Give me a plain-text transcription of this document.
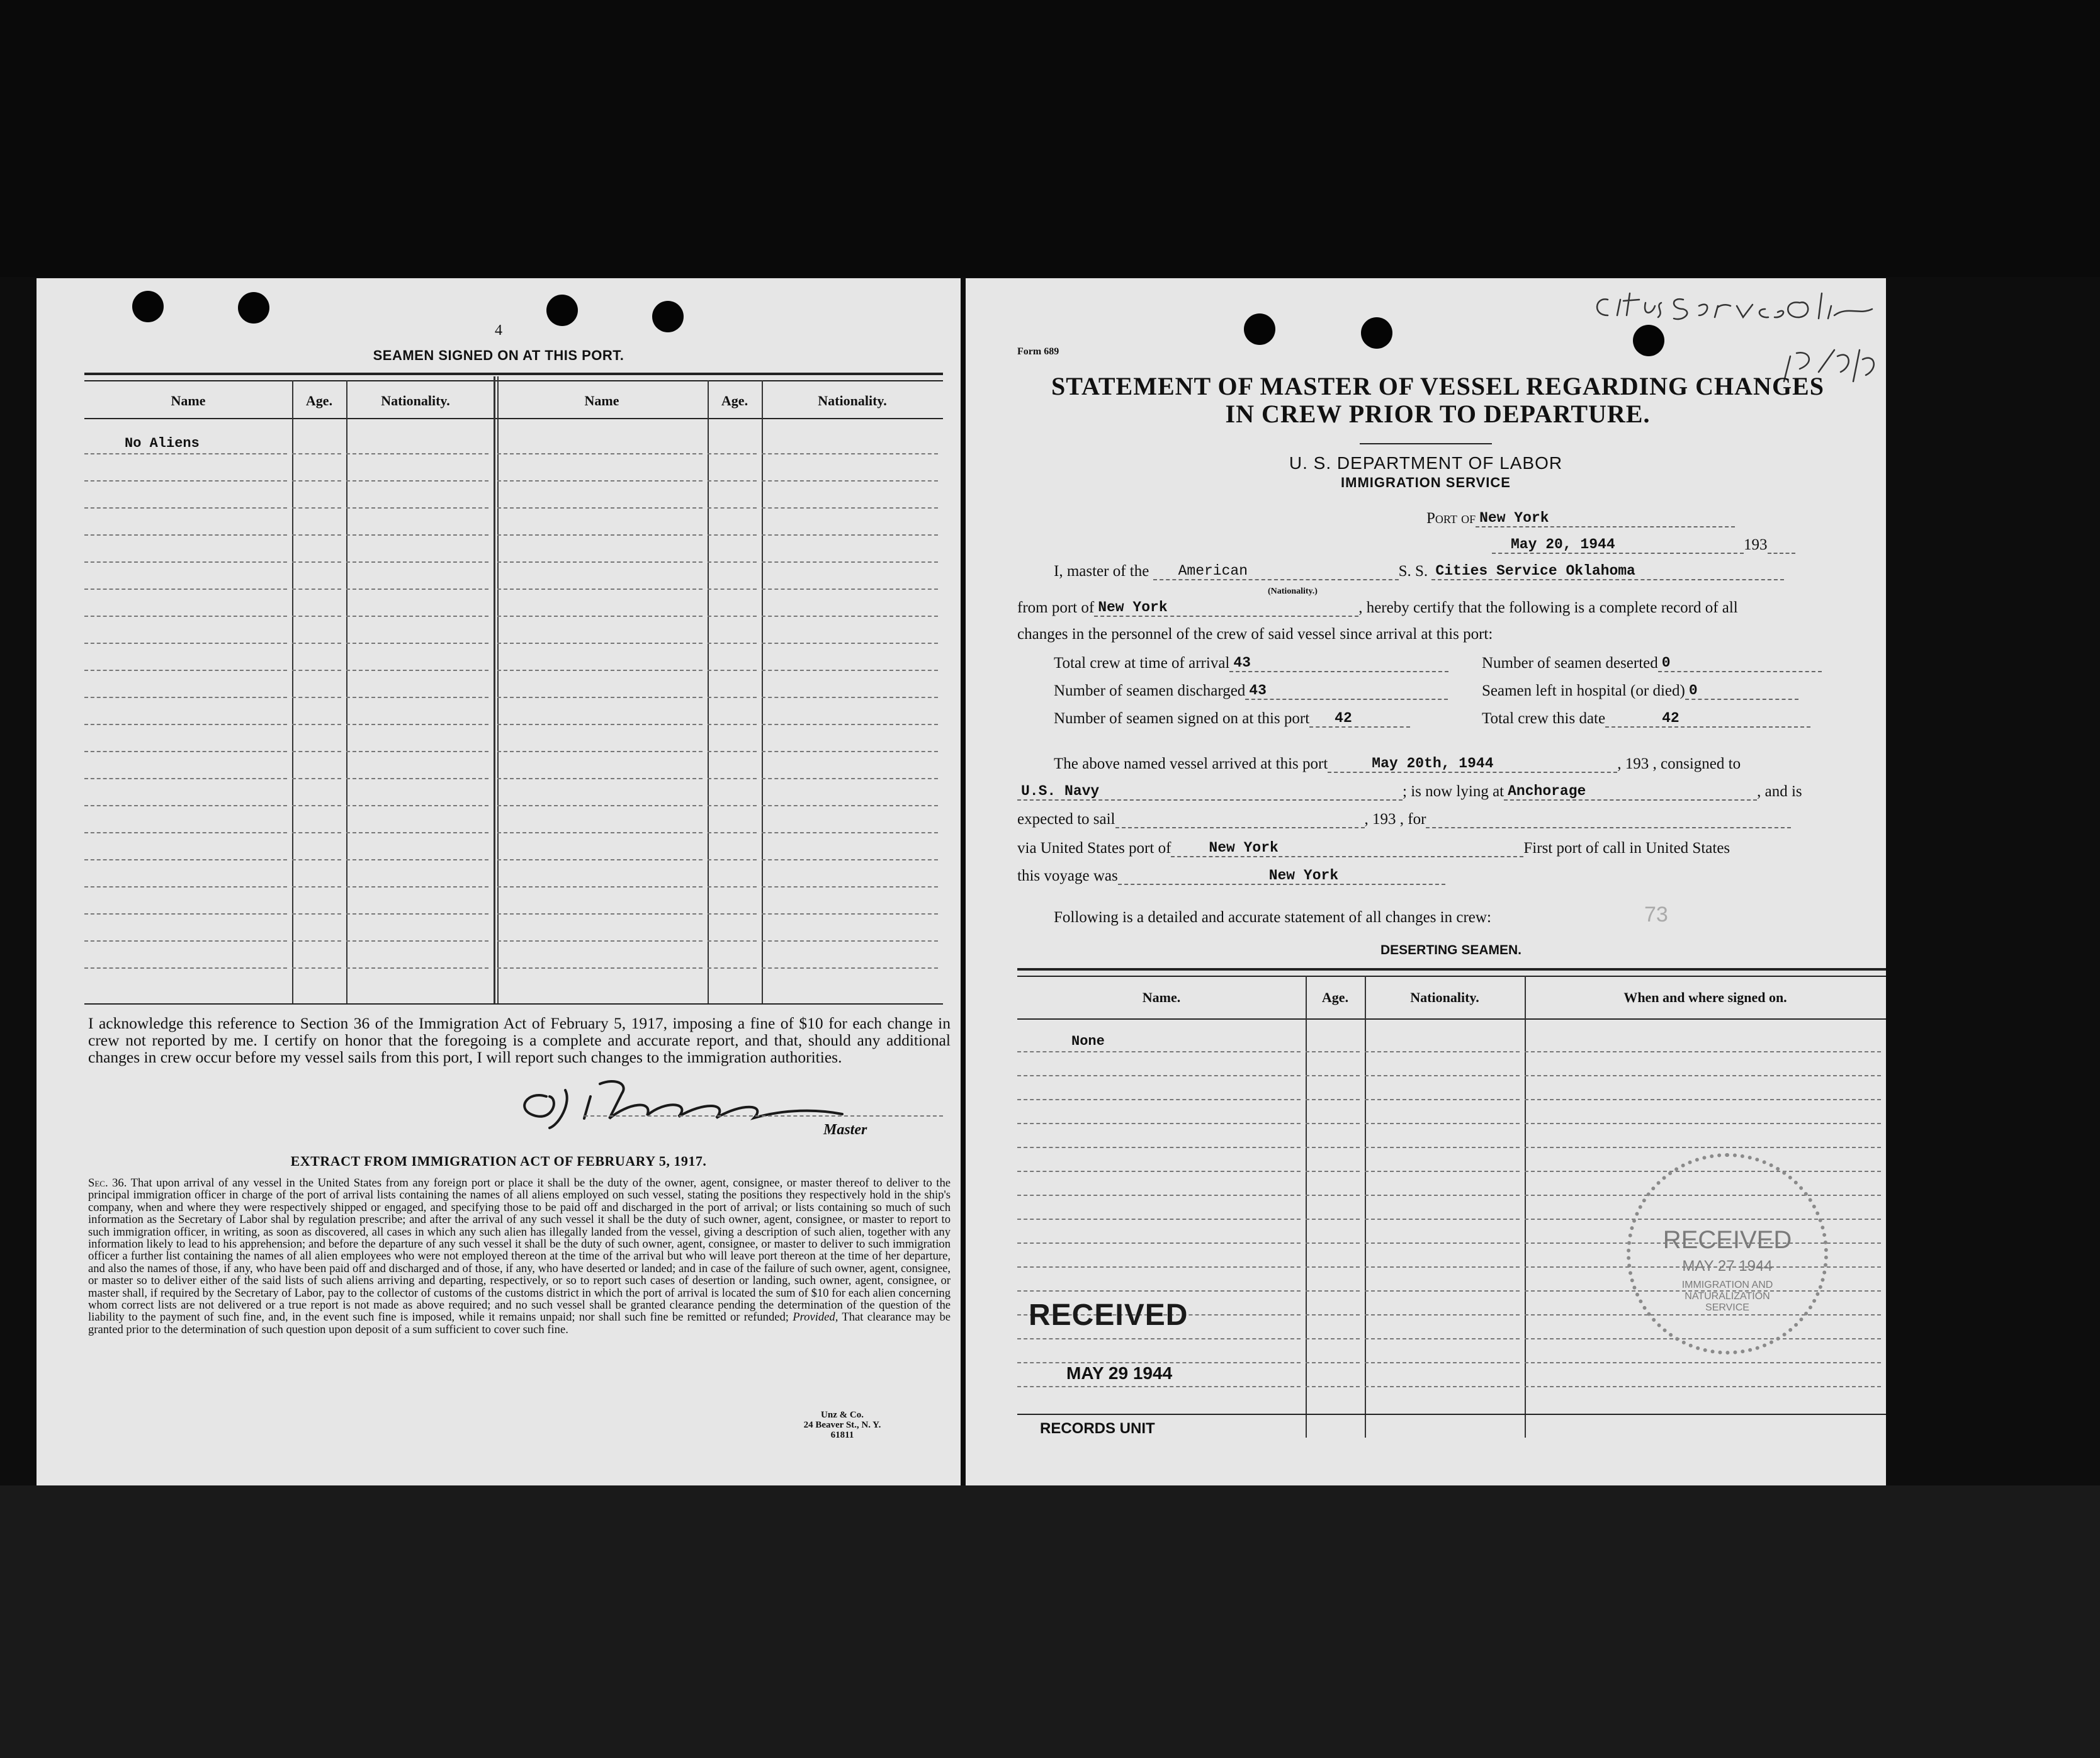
4
SEAMEN SIGNED ON AT THIS PORT.
Name	Age.	Nationality.	Name	Age.	Nationality.
No Aliens
I acknowledge this reference to Section 36 of the Immigration Act of February 5, 1917, imposing a fine of $10 for each change in crew not reported by me. I certify on honor that the foregoing is a complete and accurate report, and that, should any additional changes in crew occur before my vessel sails from this port, I will report such changes to the immigration authorities.
Master
EXTRACT FROM IMMIGRATION ACT OF FEBRUARY 5, 1917.
Sec. 36. That upon arrival of any vessel in the United States from any foreign port or place it shall be the duty of the owner, agent, consignee, or master thereof to deliver to the principal immigration officer in charge of the port of arrival lists containing the names of all aliens employed on such vessel, stating the positions they respectively hold in the ship's company, when and where they were respectively shipped or engaged, and specifying those to be paid off and discharged in the port of arrival; or lists containing so much of such information as the Secretary of Labor shal by regulation prescribe; and after the arrival of any such vessel it shall be the duty of such owner, agent, consignee, or master to report to such immigration officer, in writing, as soon as discovered, all cases in which any such alien has illegally landed from the vessel, giving a description of such alien, together with any information likely to lead to his apprehension; and before the departure of any such vessel it shall be the duty of such owner, agent, consignee, or master to deliver to such immigration officer a further list containing the names of all alien employees who were not employed thereon at the time of the arrival but who will leave port thereon at the time of her departure, and also the names of those, if any, who have been paid off and discharged and of those, if any, who have deserted or landed; and in case of the failure of such owner, agent, consignee, or master so to deliver either of the said lists of such aliens arriving and departing, respectively, or so to report such cases of desertion or landing, such owner, agent, consignee, or master shall, if required by the Secretary of Labor, pay to the collector of customs of the customs district in which the port of arrival is located the sum of $10 for each alien concerning whom correct lists are not delivered or a true report is not made as above required; and no such vessel shall be granted clearance pending the determination of the question of the liability to the payment of such fine, and, in the event such fine is imposed, while it remains unpaid; nor shall such fine be remitted or refunded; Provided, That clearance may be granted prior to the determination of such question upon deposit of a sum sufficient to cover such fine.
Unz & Co.
24 Beaver St., N. Y.
61811
Form 689
STATEMENT OF MASTER OF VESSEL REGARDING CHANGES
IN CREW PRIOR TO DEPARTURE.
U. S. DEPARTMENT OF LABOR
IMMIGRATION SERVICE
Port of New York
May 20, 1944	193
I, master of the American	S. S. Cities Service Oklahoma
(Nationality.)
from port of New York	, hereby certify that the following is a complete record of all
changes in the personnel of the crew of said vessel since arrival at this port:
Total crew at time of arrival 43	Number of seamen deserted 0
Number of seamen discharged 43	Seamen left in hospital (or died) 0
Number of seamen signed on at this port 42	Total crew this date	42
The above named vessel arrived at this port	May 20th, 1944	, 193 , consigned to
U.S. Navy	; is now lying at Anchorage	, and is
expected to sail	, 193 , for
via United States port of	New York	First port of call in United States
this voyage was	New York
Following is a detailed and accurate statement of all changes in crew:	73
DESERTING SEAMEN.
Name.	Age.	Nationality.	When and where signed on.
None
RECEIVED
MAY 29 1944
RECORDS UNIT
RECEIVED
MAY 27 1944
IMMIGRATION AND
NATURALIZATION
SERVICE
